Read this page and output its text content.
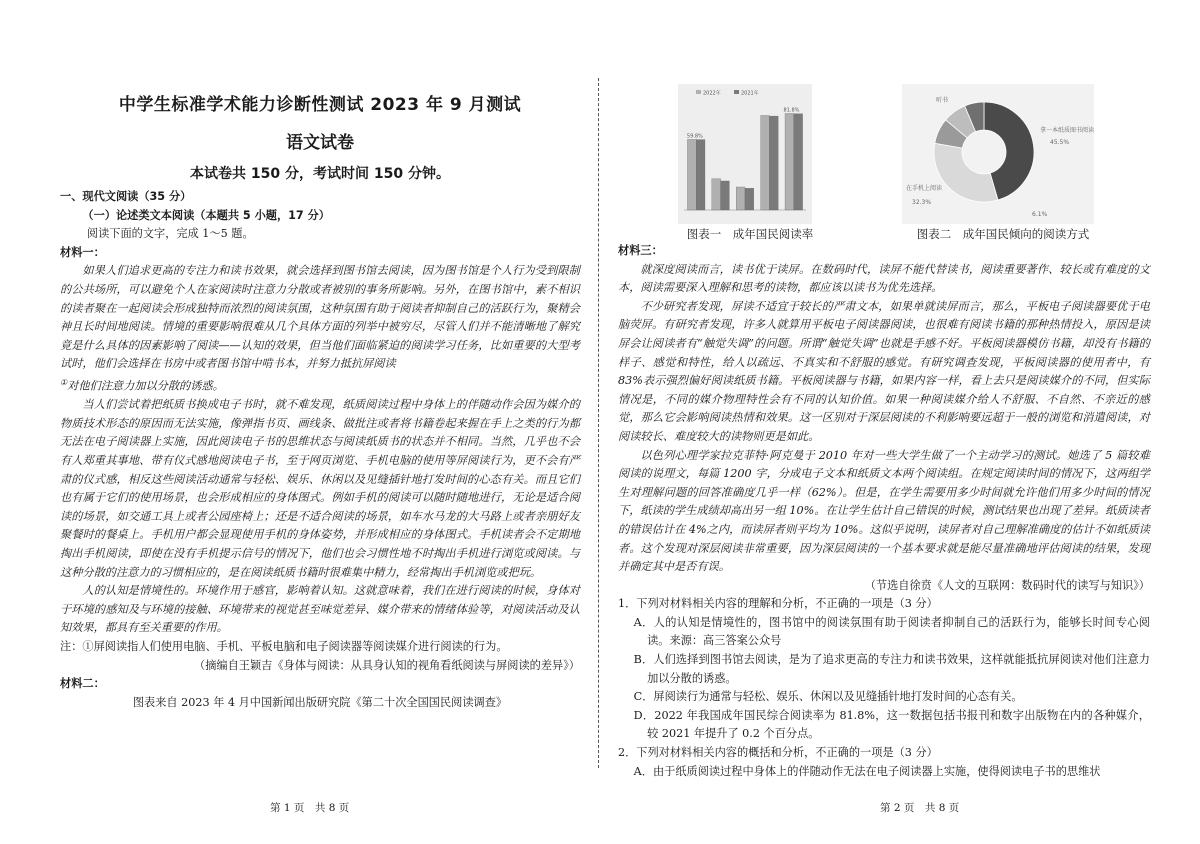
中学生标准学术能力诊断性测试 2023 年 9 月测试
语文试卷
本试卷共 150 分，考试时间 150 分钟。

一、现代文阅读（35 分）

（一）论述类文本阅读（本题共 5 小题，17 分）

阅读下面的文字，完成 1～5 题。

材料一：

如果人们追求更高的专注力和读书效果，就会选择到图书馆去阅读，因为图书馆是个人行为受到限制的公共场所，可以避免个人在家阅读时注意力分散或者被别的事务所影响。另外，在图书馆中，素不相识的读者聚在一起阅读会形成独特而浓烈的阅读氛围，这种氛围有助于阅读者抑制自己的活跃行为，聚精会神且长时间地阅读。情境的重要影响很难从几个具体方面的列举中被穷尽，尽管人们并不能清晰地了解究竟是什么具体的因素影响了阅读——认知的效果，但当他们面临紧迫的阅读学习任务，比如重要的大型考试时，他们会选择在书房中或者图书馆中啃书本，并努力抵抗屏阅读

①对他们注意力加以分散的诱惑。

当人们尝试着把纸质书换成电子书时，就不难发现，纸质阅读过程中身体上的伴随动作会因为媒介的物质技术形态的原因而无法实施，像弹指书页、画线条、做批注或者将书籍卷起来握在手上之类的行为都无法在电子阅读器上实施，因此阅读电子书的思维状态与阅读纸质书的状态并不相同。当然，几乎也不会有人郑重其事地、带有仪式感地阅读电子书，至于网页浏览、手机电脑的使用等屏阅读行为，更不会有严肃的仪式感，相反这些阅读活动通常与轻松、娱乐、休闲以及见缝插针地打发时间的心态有关。而且它们也有属于它们的使用场景，也会形成相应的身体图式。例如手机的阅读可以随时随地进行，无论是适合阅读的场景，如交通工具上或者公园座椅上；还是不适合阅读的场景，如车水马龙的大马路上或者亲朋好友聚餐时的餐桌上。手机用户都会显现使用手机的身体姿势，并形成相应的身体图式。手机读者会不定期地掏出手机阅读，即使在没有手机提示信号的情况下，他们也会习惯性地不时掏出手机进行浏览或阅读。与这种分散的注意力的习惯相应的，是在阅读纸质书籍时很难集中精力，经常掏出手机浏览或把玩。

人的认知是情境性的。环境作用于感官，影响着认知。这就意味着，我们在进行阅读的时候，身体对于环境的感知及与环境的接触、环境带来的视觉甚至味觉差异、媒介带来的情绪体验等，对阅读活动及认知效果，都具有至关重要的作用。

注：①屏阅读指人们使用电脑、手机、平板电脑和电子阅读器等阅读媒介进行阅读的行为。

（摘编自王颖吉《身体与阅读：从具身认知的视角看纸阅读与屏阅读的差异》）

材料二：

图表来自 2023 年 4 月中国新闻出版研究院《第二十次全国国民阅读调查》

第 1 页　共 8 页
2022年	2021年
59.8%
81.8%
图表一　成年国民阅读率
听书
45.5%
32.3%
6.1%
在手机上阅读
拿一本纸质图书阅读
图表二　成年国民倾向的阅读方式

材料三：

就深度阅读而言，读书优于读屏。在数码时代，读屏不能代替读书，阅读重要著作、较长或有难度的文本，阅读需要深入理解和思考的读物，都应该以读书为优先选择。

不少研究者发现，屏读不适宜于较长的严肃文本，如果单就读屏而言，那么，平板电子阅读器要优于电脑荧屏。有研究者发现，许多人就算用平板电子阅读器阅读，也很难有阅读书籍的那种热情投入，原因是读屏会让阅读者有“触觉失调”的问题。所谓“触觉失调”也就是手感不好。平板阅读器模仿书籍，却没有书籍的样子、感觉和特性，给人以疏远、不真实和不舒服的感觉。有研究调查发现，平板阅读器的使用者中，有 83%表示强烈偏好阅读纸质书籍。平板阅读器与书籍，如果内容一样，看上去只是阅读媒介的不同，但实际情况是，不同的媒介物理特性会有不同的认知价值。如果一种阅读媒介给人不舒服、不自然、不亲近的感觉，那么它会影响阅读热情和效果。这一区别对于深层阅读的不利影响要远超于一般的浏览和消遣阅读，对阅读较长、难度较大的读物则更是如此。

以色列心理学家拉克菲特·阿克曼于 2010 年对一些大学生做了一个主动学习的测试。她选了 5 篇较难阅读的说理文，每篇 1200 字，分成电子文本和纸质文本两个阅读组。在规定阅读时间的情况下，这两组学生对理解问题的回答准确度几乎一样（62%）。但是，在学生需要用多少时间就允许他们用多少时间的情况下，纸读的学生成绩却高出另一组 10%。在让学生估计自己错误的时候，测试结果也出现了差异。纸质读者的错误估计在 4%之内，而读屏者则平均为 10%。这似乎说明，读屏者对自己理解准确度的估计不如纸质读者。这个发现对深层阅读非常重要，因为深层阅读的一个基本要求就是能尽量准确地评估阅读的结果，发现并确定其中是否有误。

（节选自徐贲《人文的互联网：数码时代的读写与知识》）

1．下列对材料相关内容的理解和分析，不正确的一项是（3 分）

A．人的认知是情境性的，图书馆中的阅读氛围有助于阅读者抑制自己的活跃行为，能够长时间专心阅读。来源：高三答案公众号

B．人们选择到图书馆去阅读，是为了追求更高的专注力和读书效果，这样就能抵抗屏阅读对他们注意力加以分散的诱惑。

C．屏阅读行为通常与轻松、娱乐、休闲以及见缝插针地打发时间的心态有关。

D．2022 年我国成年国民综合阅读率为 81.8%，这一数据包括书报刊和数字出版物在内的各种媒介，较 2021 年提升了 0.2 个百分点。

2．下列对材料相关内容的概括和分析，不正确的一项是（3 分）

A．由于纸质阅读过程中身体上的伴随动作无法在电子阅读器上实施，使得阅读电子书的思维状

第 2 页　共 8 页
